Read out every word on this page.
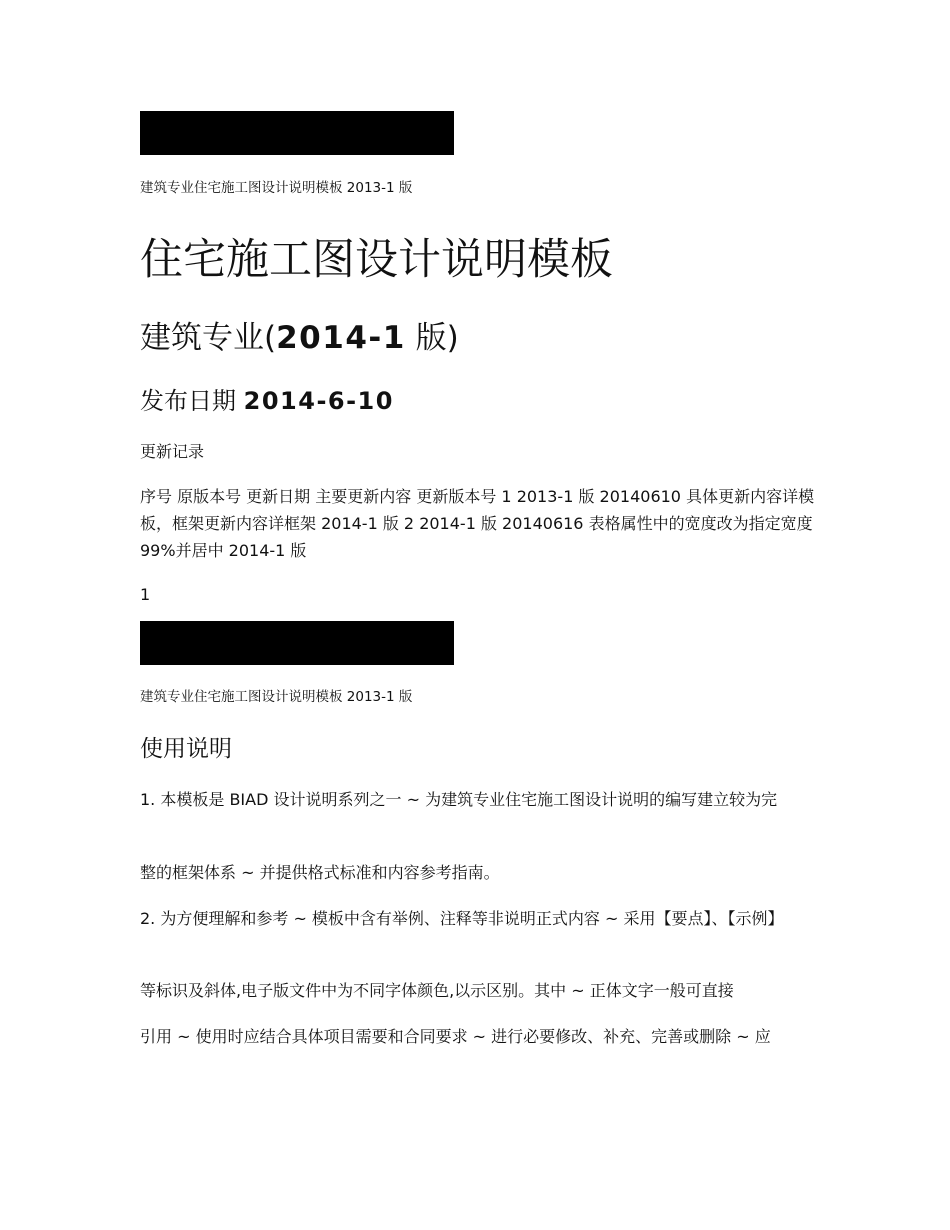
建筑专业住宅施工图设计说明模板 2013-1 版

住宅施工图设计说明模板
建筑专业(2014-1 版)
发布日期 2014-6-10

更新记录

序号 原版本号 更新日期 主要更新内容 更新版本号 1 2013-1 版 20140610 具体更新内容详模板，框架更新内容详框架 2014-1 版 2 2014-1 版 20140616 表格属性中的宽度改为指定宽度 99%并居中 2014-1 版

1

建筑专业住宅施工图设计说明模板 2013-1 版

使用说明

1. 本模板是 BIAD 设计说明系列之一 ~ 为建筑专业住宅施工图设计说明的编写建立较为完

整的框架体系 ~ 并提供格式标准和内容参考指南。

2. 为方便理解和参考 ~ 模板中含有举例、注释等非说明正式内容 ~ 采用【要点】、【示例】

等标识及斜体,电子版文件中为不同字体颜色,以示区别。其中 ~ 正体文字一般可直接

引用 ~ 使用时应结合具体项目需要和合同要求 ~ 进行必要修改、补充、完善或删除 ~ 应
